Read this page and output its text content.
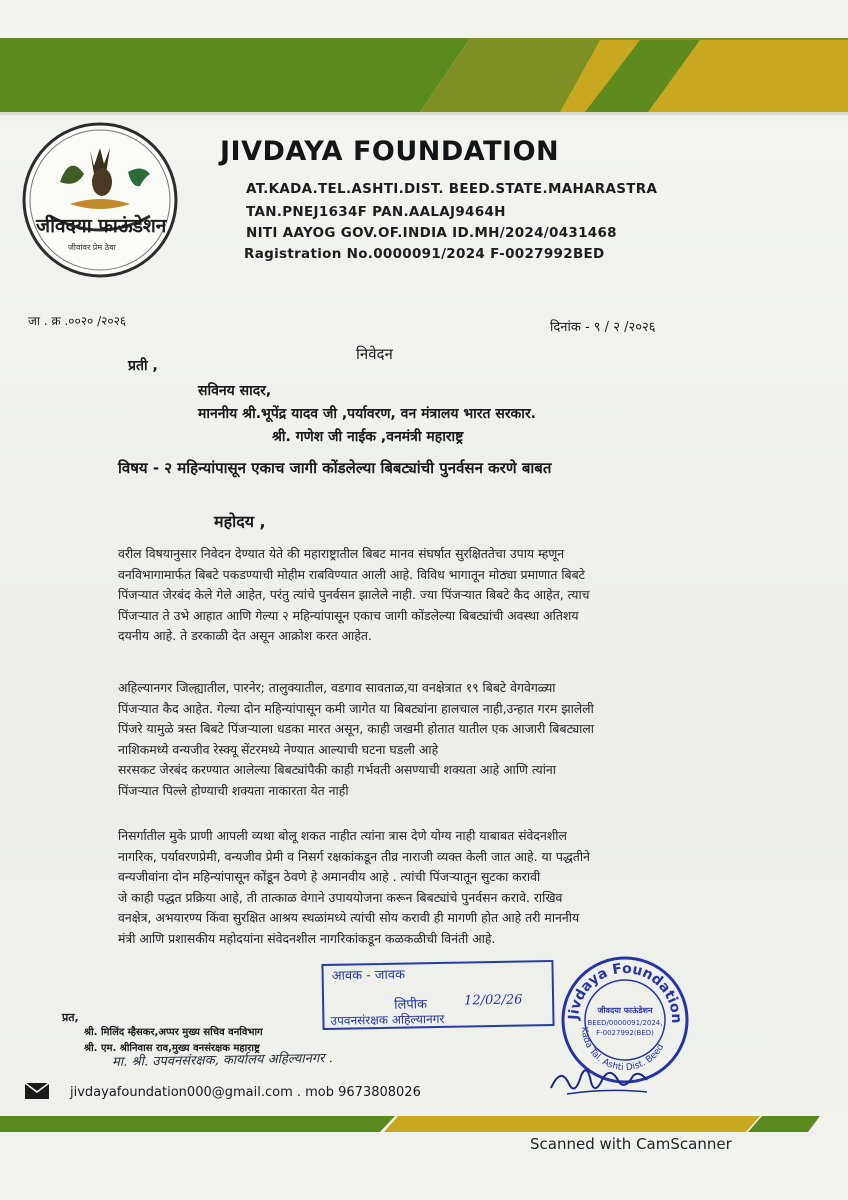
जीवदया फाऊंडेशन
जीवांवर प्रेम ठेवा
JIVDAYA FOUNDATION
AT.KADA.TEL.ASHTI.DIST. BEED.STATE.MAHARASTRA
TAN.PNEJ1634F PAN.AALAJ9464H
NITI AAYOG GOV.OF.INDIA ID.MH/2024/0431468
Ragistration No.0000091/2024 F-0027992BED
जा . क्र .००२० /२०२६	दिनांक - ९ / २ /२०२६
निवेदन
प्रती ,
सविनय सादर,
माननीय श्री.भूपेंद्र यादव जी ,पर्यावरण, वन मंत्रालय भारत सरकार.
श्री. गणेश जी नाईक ,वनमंत्री महाराष्ट्र
विषय - २ महिन्यांपासून एकाच जागी कोंडलेल्या बिबट्यांची पुनर्वसन करणे बाबत
महोदय ,
वरील विषयानुसार निवेदन देण्यात येते की महाराष्ट्रातील बिबट मानव संघर्षात सुरक्षिततेचा उपाय म्हणून
वनविभागामार्फत बिबटे पकडण्याची मोहीम राबविण्यात आली आहे. विविध भागातून मोठ्या प्रमाणात बिबटे
पिंजऱ्यात जेरबंद केले गेले आहेत, परंतु त्यांचे पुनर्वसन झालेले नाही. ज्या पिंजऱ्यात बिबटे कैद आहेत, त्याच
पिंजऱ्यात ते उभे आहात आणि गेल्या २ महिन्यांपासून एकाच जागी कोंडलेल्या बिबट्यांची अवस्था अतिशय
दयनीय आहे. ते डरकाळी देत असून आक्रोश करत आहेत.
अहिल्यानगर जिल्ह्यातील, पारनेर; तालुक्यातील, वडगाव सावताळ,या वनक्षेत्रात १९ बिबटे वेगवेगळ्या
पिंजऱ्यात कैद आहेत. गेल्या दोन महिन्यांपासून कमी जागेत या बिबट्यांना हालचाल नाही,उन्हात गरम झालेली
पिंजरे यामुळे त्रस्त बिबटे पिंजऱ्याला धडका मारत असून, काही जखमी होतात यातील एक आजारी बिबट्याला
नाशिकमध्ये वन्यजीव रेस्क्यू सेंटरमध्ये नेण्यात आल्याची घटना घडली आहे
सरसकट जेरबंद करण्यात आलेल्या बिबट्यांपैकी काही गर्भवती असण्याची शक्यता आहे आणि त्यांना
पिंजऱ्यात पिल्ले होण्याची शक्यता नाकारता येत नाही
निसर्गातील मुके प्राणी आपली व्यथा बोलू शकत नाहीत त्यांना त्रास देणे योग्य नाही याबाबत संवेदनशील
नागरिक, पर्यावरणप्रेमी, वन्यजीव प्रेमी व निसर्ग रक्षकांकडून तीव्र नाराजी व्यक्त केली जात आहे. या पद्धतीने
वन्यजीवांना दोन महिन्यांपासून कोंडून ठेवणे हे अमानवीय आहे . त्यांची पिंजऱ्यातून सुटका करावी
जे काही पद्धत प्रक्रिया आहे, ती तात्काळ वेगाने उपाययोजना करून बिबट्यांचे पुनर्वसन करावे. राखिव
वनक्षेत्र, अभयारण्य किंवा सुरक्षित आश्रय स्थळांमध्ये त्यांची सोय करावी ही मागणी होत आहे तरी माननीय
मंत्री आणि प्रशासकीय महोदयांना संवेदनशील नागरिकांकडून कळकळीची विनंती आहे.
आवक - जावक
12/02/26
लिपीक
उपवनसंरक्षक अहिल्यानगर	Jivdaya Foundation
Kada Tal. Ashti Dist. Beed
जीवदया फाऊंडेशन
BEED/0000091/2024,
F-0027992(BED)
प्रत,
श्री. मिलिंद म्हैसकर,अप्पर मुख्य सचिव वनविभाग
श्री. एम. श्रीनिवास राव,मुख्य वनसंरक्षक महाराष्ट्र
मा. श्री. उपवनसंरक्षक, कार्यालय अहिल्यानगर .
jivdayafoundation000@gmail.com . mob 9673808026
Scanned with CamScanner
